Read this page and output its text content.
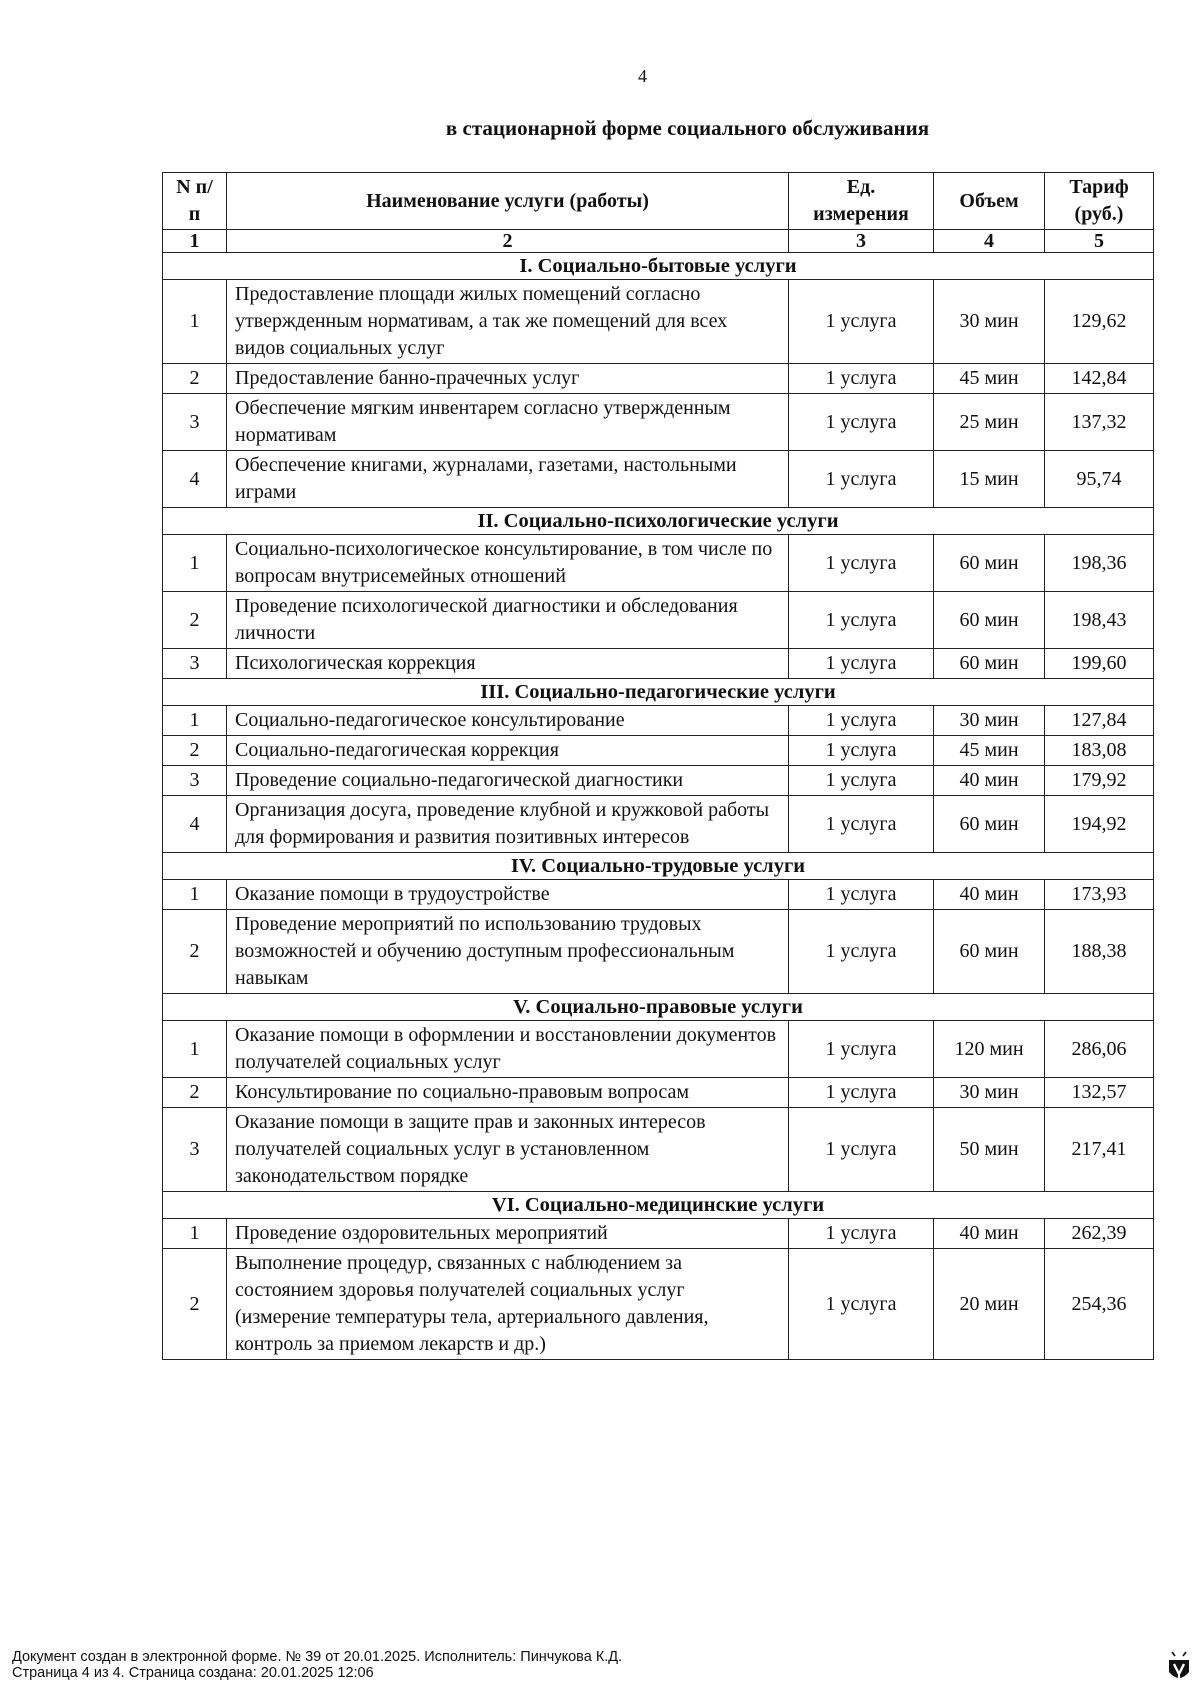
4
в стационарной форме социального обслуживания
N п/п	Наименование услуги (работы)	Ед. измерения	Объем	Тариф (руб.)
1	2	3	4	5
I. Социально-бытовые услуги				
1	Предоставление площади жилых помещений согласно утвержденным нормативам, а так же помещений для всех видов социальных услуг	1 услуга	30 мин	129,62
2	Предоставление банно-прачечных услуг	1 услуга	45 мин	142,84
3	Обеспечение мягким инвентарем согласно утвержденным нормативам	1 услуга	25 мин	137,32
4	Обеспечение книгами, журналами, газетами, настольными играми	1 услуга	15 мин	95,74
II. Социально-психологические услуги				
1	Социально-психологическое консультирование, в том числе по вопросам внутрисемейных отношений	1 услуга	60 мин	198,36
2	Проведение психологической диагностики и обследования личности	1 услуга	60 мин	198,43
3	Психологическая коррекция	1 услуга	60 мин	199,60
III. Социально-педагогические услуги				
1	Социально-педагогическое консультирование	1 услуга	30 мин	127,84
2	Социально-педагогическая коррекция	1 услуга	45 мин	183,08
3	Проведение социально-педагогической диагностики	1 услуга	40 мин	179,92
4	Организация досуга, проведение клубной и кружковой работы для формирования и развития позитивных интересов	1 услуга	60 мин	194,92
IV. Социально-трудовые услуги				
1	Оказание помощи в трудоустройстве	1 услуга	40 мин	173,93
2	Проведение мероприятий по использованию трудовых возможностей и обучению доступным профессиональным навыкам	1 услуга	60 мин	188,38
V. Социально-правовые услуги				
1	Оказание помощи в оформлении и восстановлении документов получателей социальных услуг	1 услуга	120 мин	286,06
2	Консультирование по социально-правовым вопросам	1 услуга	30 мин	132,57
3	Оказание помощи в защите прав и законных интересов получателей социальных услуг в установленном законодательством порядке	1 услуга	50 мин	217,41
VI. Социально-медицинские услуги				
1	Проведение оздоровительных мероприятий	1 услуга	40 мин	262,39
2	Выполнение процедур, связанных с наблюдением за состоянием здоровья получателей социальных услуг (измерение температуры тела, артериального давления, контроль за приемом лекарств и др.)	1 услуга	20 мин	254,36
Документ создан в электронной форме. № 39 от 20.01.2025. Исполнитель: Пинчукова К.Д.
Страница 4 из 4. Страница создана: 20.01.2025 12:06
